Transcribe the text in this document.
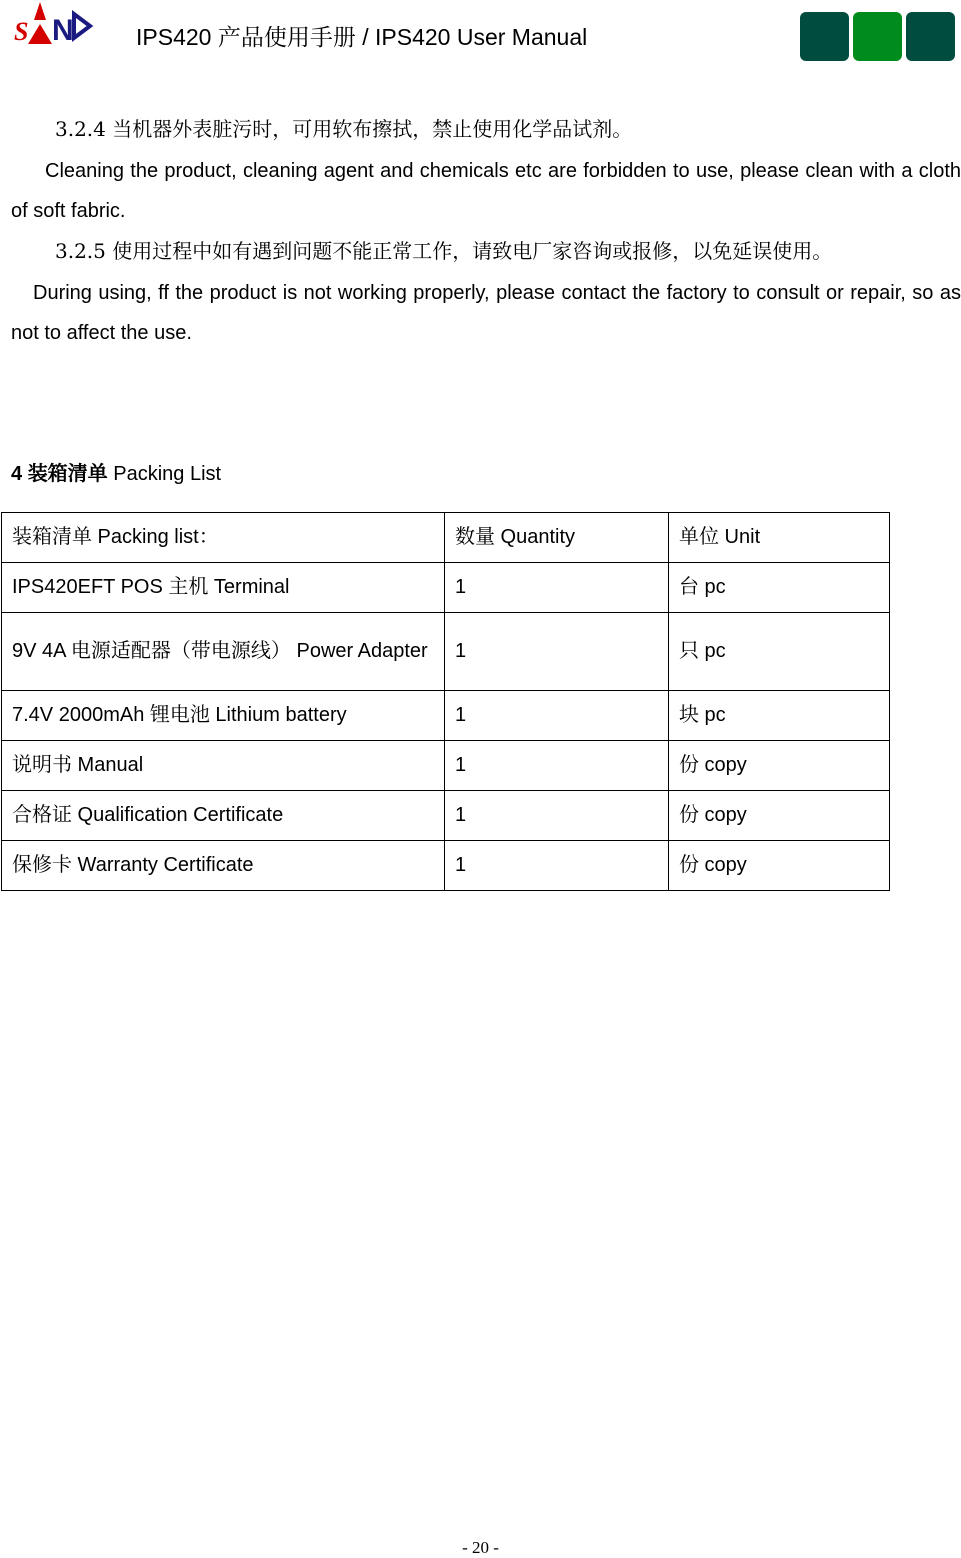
S N	IPS420 产品使用手册 / IPS420 User Manual
3.2.4 当机器外表脏污时，可用软布擦拭，禁止使用化学品试剂。
Cleaning the product, cleaning agent and chemicals etc are forbidden to use, please clean with a cloth of soft fabric.
3.2.5 使用过程中如有遇到问题不能正常工作，请致电厂家咨询或报修，以免延误使用。
During using, ff the product is not working properly, please contact the factory to consult or repair, so as not to affect the use.
4 装箱清单 Packing List
装箱清单 Packing list：	数量 Quantity	单位 Unit
IPS420EFT POS 主机 Terminal	1	台 pc
9V 4A 电源适配器（带电源线） Power Adapter	1	只 pc
7.4V 2000mAh 锂电池 Lithium battery	1	块 pc
说明书 Manual	1	份 copy
合格证 Qualification Certificate	1	份 copy
保修卡 Warranty Certificate	1	份 copy
- 20 -
